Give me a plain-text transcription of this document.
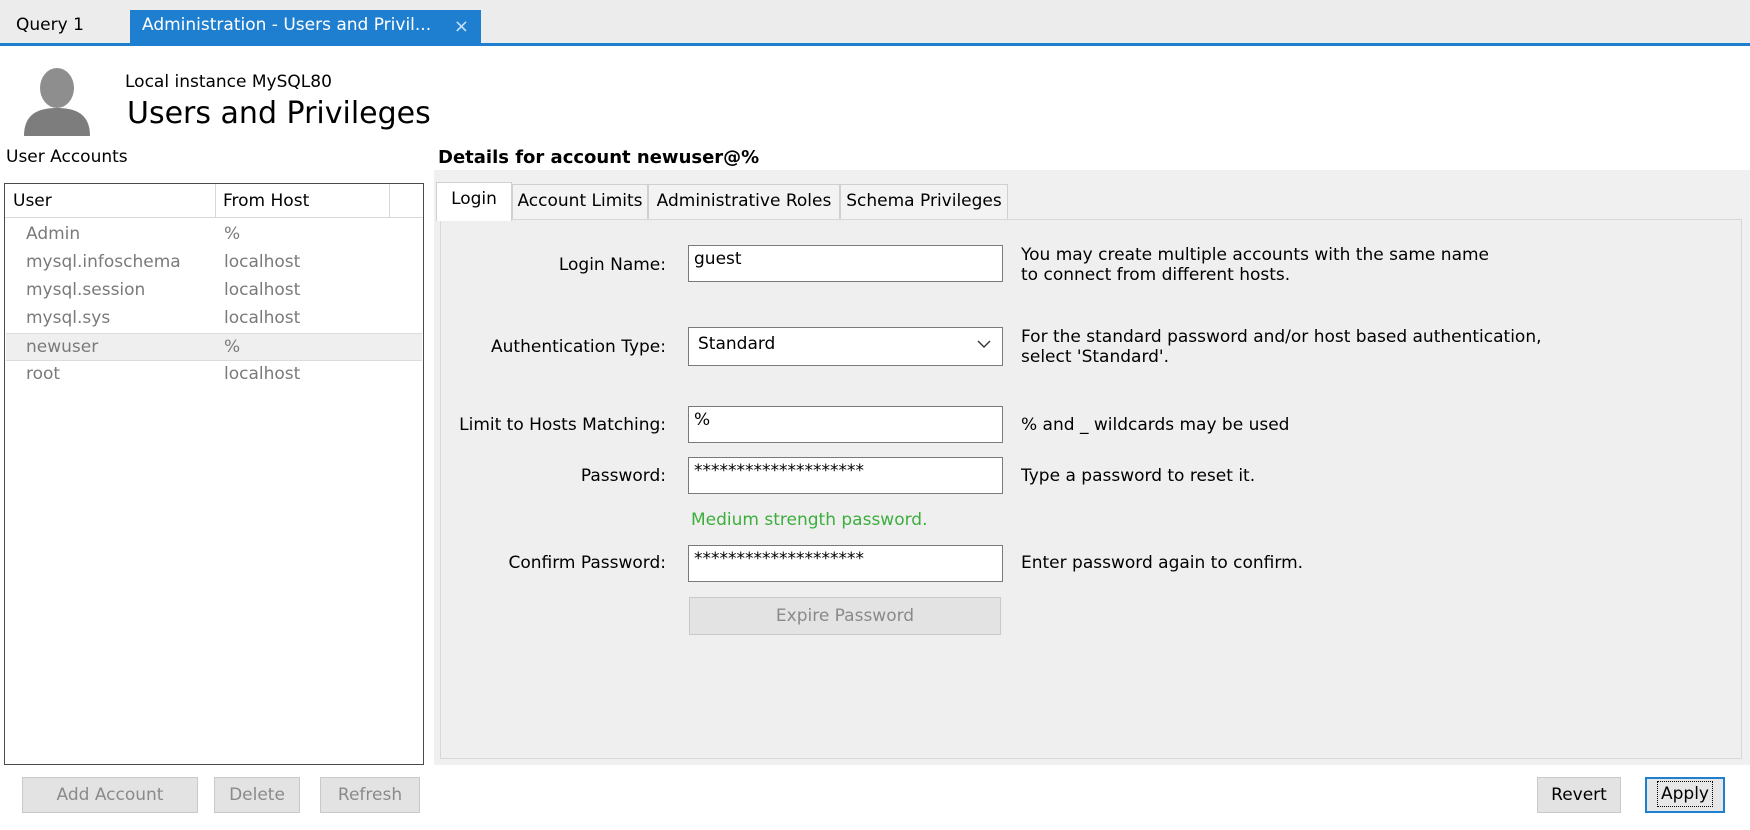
Query 1	Administration - Users and Privil... ×
Local instance MySQL80
Users and Privileges
User Accounts
User	From Host
Admin	%
mysql.infoschema	localhost
mysql.session	localhost
mysql.sys	localhost
newuser	%
root	localhost
Add Account	Delete	Refresh
Details for account newuser@%
Login	Account Limits Administrative Roles Schema Privileges
Login Name:	guest	You may create multiple accounts with the same name
to connect from different hosts.
Authentication Type:	Standard	For the standard password and/or host based authentication,
select 'Standard'.
Limit to Hosts Matching:	%	% and _ wildcards may be used
Password:	********************	Type a password to reset it.
Medium strength password.
Confirm Password:	********************	Enter password again to confirm.
Expire Password
Revert	Apply
